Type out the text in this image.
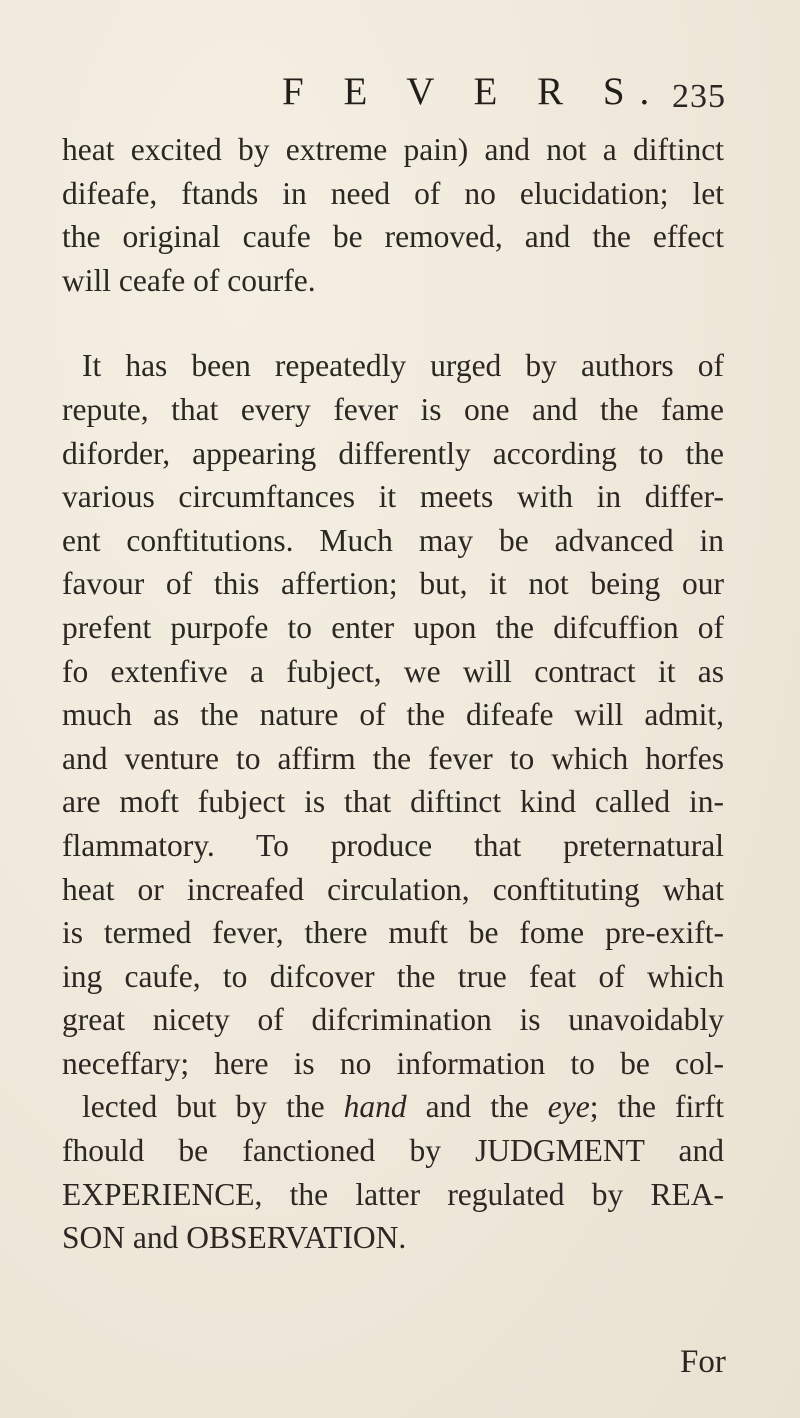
F E V E R S. 235
heat excited by extreme pain) and not a diftinct
difeafe, ftands in need of no elucidation; let
the original caufe be removed, and the effect
will ceafe of courfe.
It has been repeatedly urged by authors of
repute, that every fever is one and the fame
diforder, appearing differently according to the
various circumftances it meets with in differ-
ent conftitutions. Much may be advanced in
favour of this affertion; but, it not being our
prefent purpofe to enter upon the difcuffion of
fo extenfive a fubject, we will contract it as
much as the nature of the difeafe will admit,
and venture to affirm the fever to which horfes
are moft fubject is that diftinct kind called in-
flammatory. To produce that preternatural
heat or increafed circulation, conftituting what
is termed fever, there muft be fome pre-exift-
ing caufe, to difcover the true feat of which
great nicety of difcrimination is unavoidably
neceffary; here is no information to be col-
lected but by the hand and the eye; the firft
fhould be fanctioned by JUDGMENT and
EXPERIENCE, the latter regulated by REA-
SON and OBSERVATION.
For
